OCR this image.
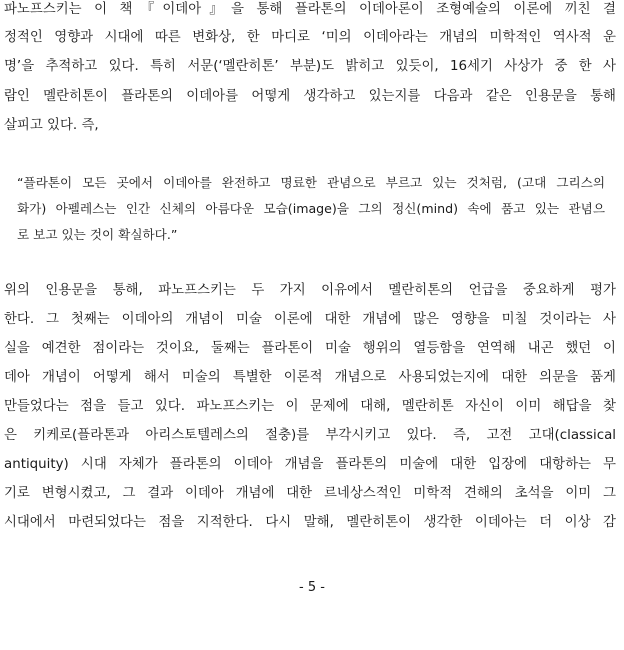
파노프스키는 이 책『이데아』을 통해 플라톤의 이데아론이 조형예술의 이론에 끼친 결
정적인 영향과 시대에 따른 변화상, 한 마디로 ‘미의 이데아라는 개념의 미학적인 역사적 운
명’을 추적하고 있다. 특히 서문(‘멜란히톤’ 부분)도 밝히고 있듯이, 16세기 사상가 중 한 사
람인 멜란히톤이 플라톤의 이데아를 어떻게 생각하고 있는지를 다음과 같은 인용문을 통해
살피고 있다. 즉,
“플라톤이 모든 곳에서 이데아를 완전하고 명료한 관념으로 부르고 있는 것처럼, (고대 그리스의
화가) 아펠레스는 인간 신체의 아름다운 모습(image)을 그의 정신(mind) 속에 품고 있는 관념으
로 보고 있는 것이 확실하다.”
위의 인용문을 통해, 파노프스키는 두 가지 이유에서 멜란히톤의 언급을 중요하게 평가
한다. 그 첫째는 이데아의 개념이 미술 이론에 대한 개념에 많은 영향을 미칠 것이라는 사
실을 예견한 점이라는 것이요, 둘째는 플라톤이 미술 행위의 열등함을 연역해 내곤 했던 이
데아 개념이 어떻게 해서 미술의 특별한 이론적 개념으로 사용되었는지에 대한 의문을 품게
만들었다는 점을 들고 있다. 파노프스키는 이 문제에 대해, 멜란히톤 자신이 이미 해답을 찾
은 키케로(플라톤과 아리스토텔레스의 절충)를 부각시키고 있다. 즉, 고전 고대(classical
antiquity) 시대 자체가 플라톤의 이데아 개념을 플라톤의 미술에 대한 입장에 대항하는 무
기로 변형시켰고, 그 결과 이데아 개념에 대한 르네상스적인 미학적 견해의 초석을 이미 그
시대에서 마련되었다는 점을 지적한다. 다시 말해, 멜란히톤이 생각한 이데아는 더 이상 감
- 5 -
